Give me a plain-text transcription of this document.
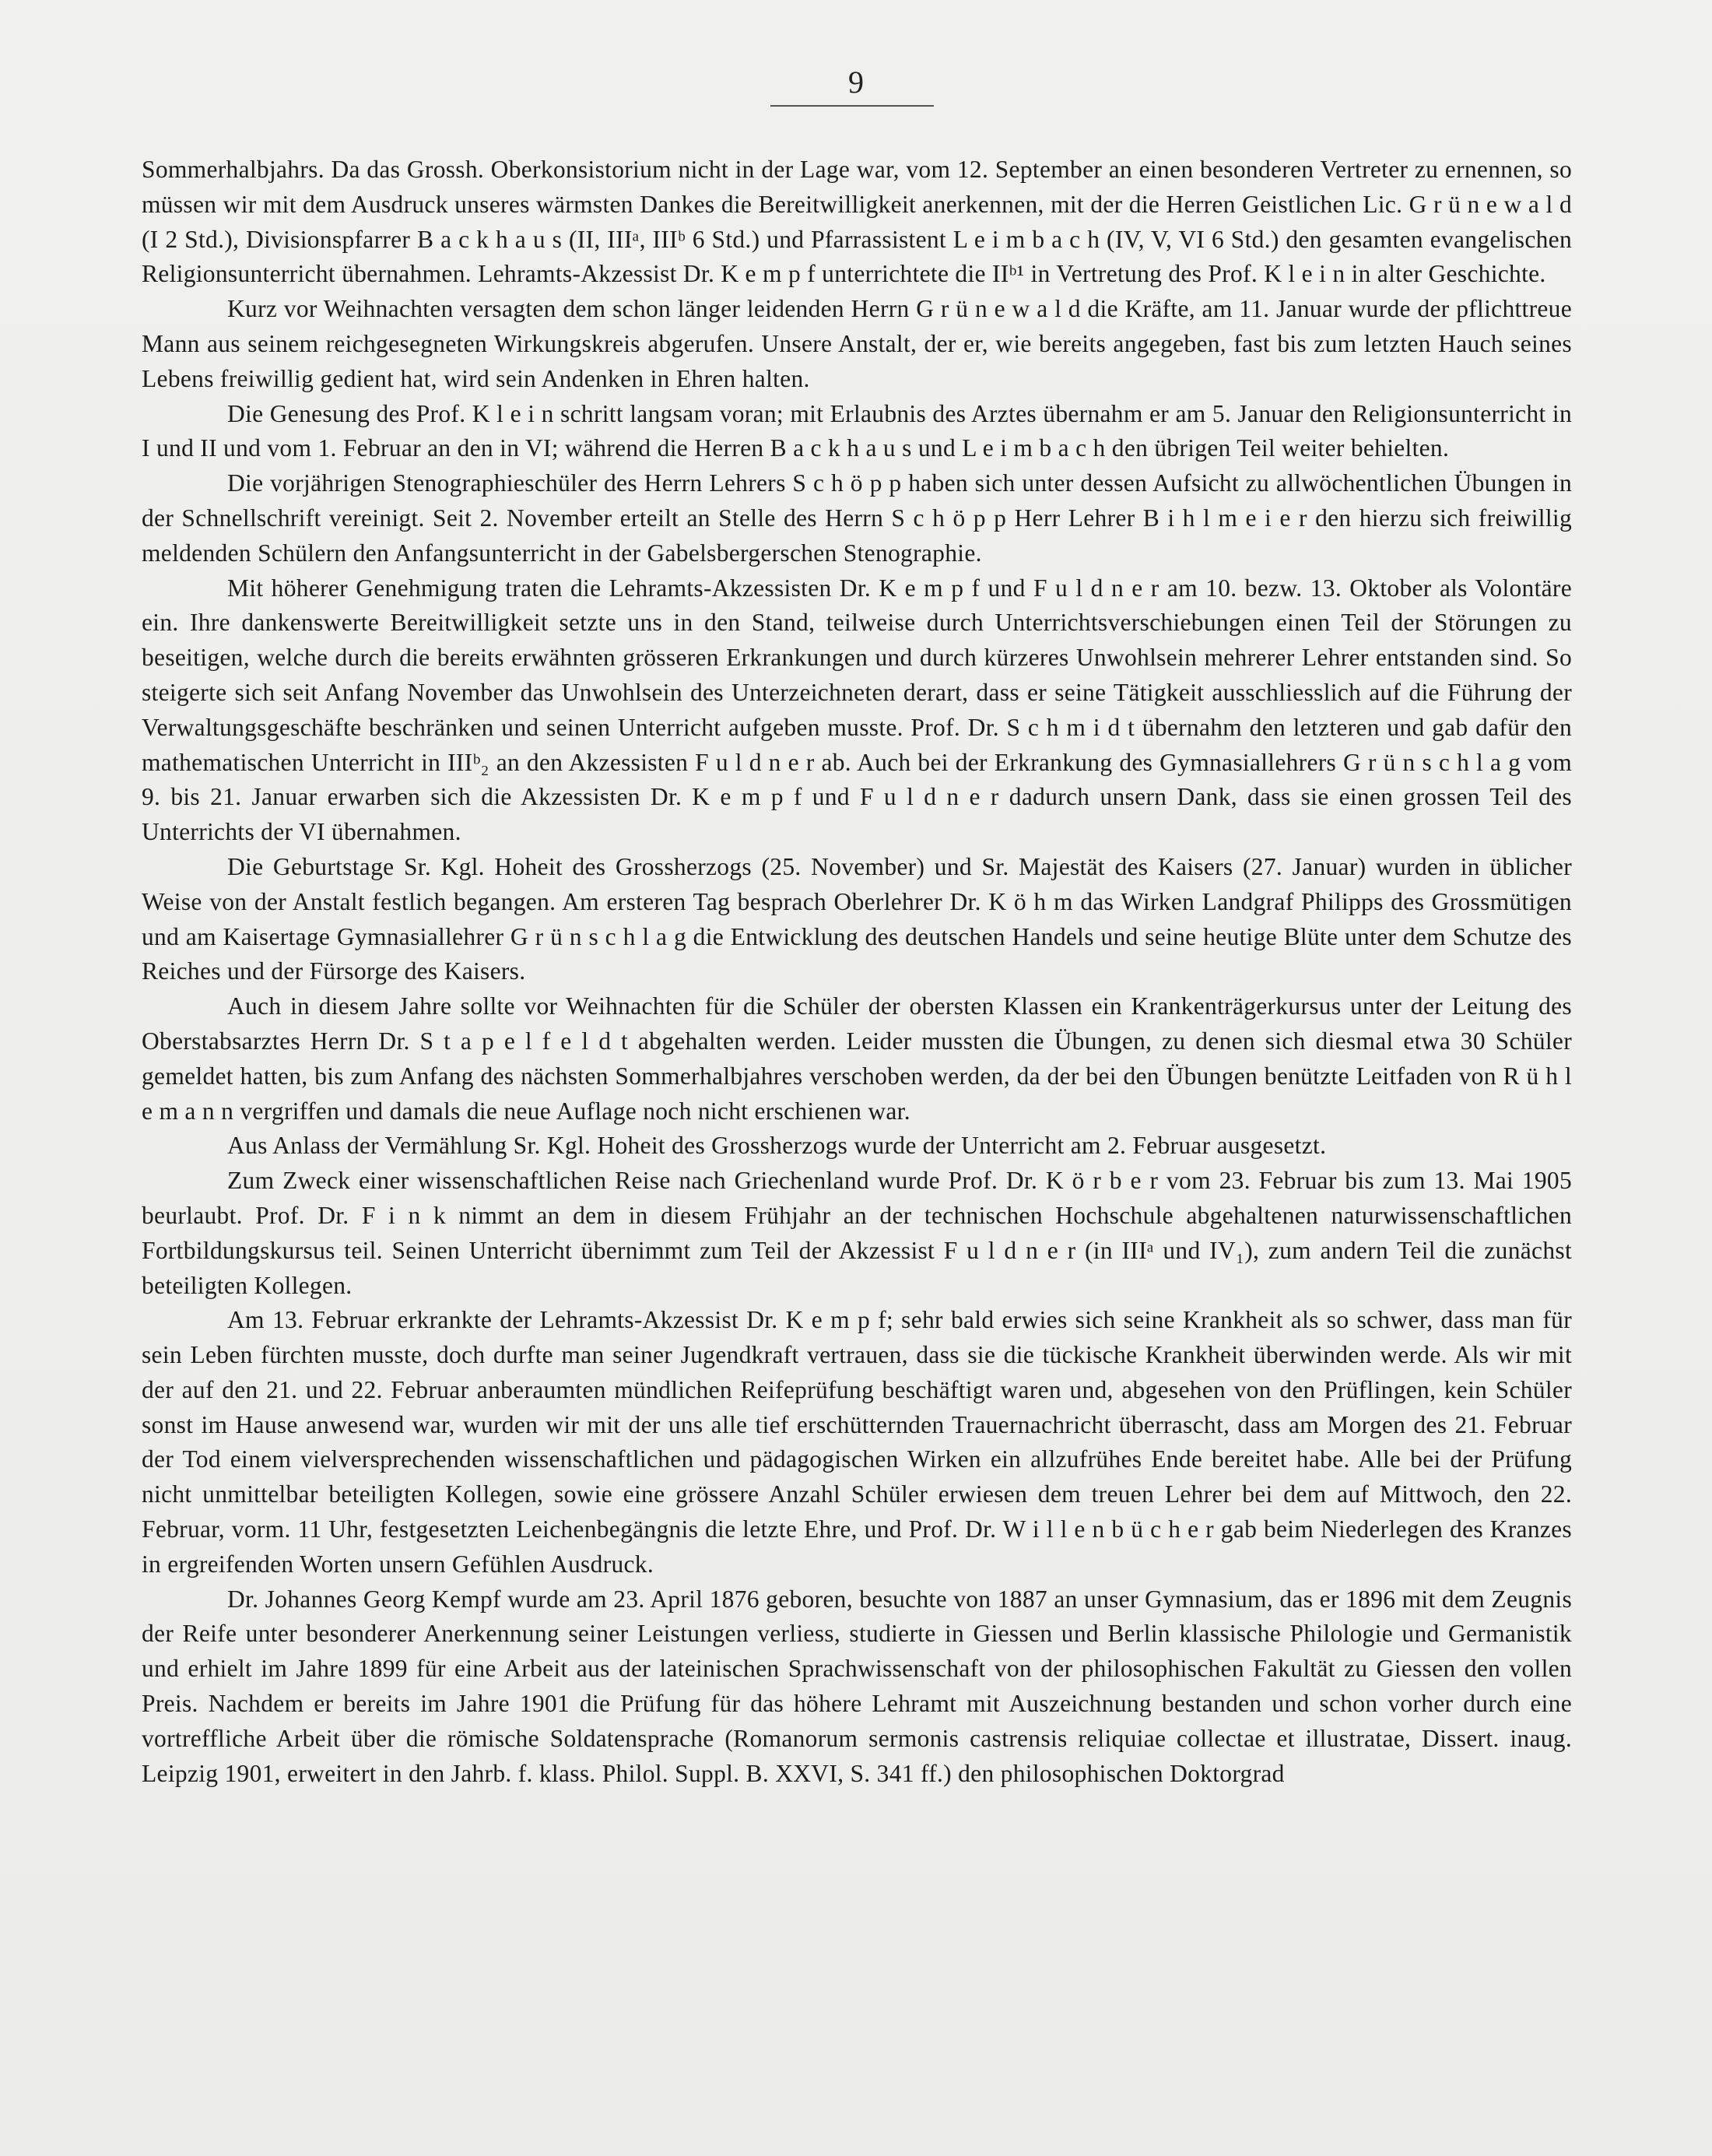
9

Sommerhalbjahrs. Da das Grossh. Oberkonsistorium nicht in der Lage war, vom 12. September an einen besonderen Vertreter zu ernennen, so müssen wir mit dem Ausdruck unseres wärmsten Dankes die Bereitwilligkeit anerkennen, mit der die Herren Geistlichen Lic. G r ü n e w a l d (I 2 Std.), Divisionspfarrer B a c k h a u s (II, IIIᵃ, IIIᵇ 6 Std.) und Pfarrassistent L e i m b a c h (IV, V, VI 6 Std.) den gesamten evangelischen Religionsunterricht übernahmen. Lehramts-Akzessist Dr. K e m p f unterrichtete die IIᵇ¹ in Vertretung des Prof. K l e i n in alter Geschichte.

Kurz vor Weihnachten versagten dem schon länger leidenden Herrn G r ü n e w a l d die Kräfte, am 11. Januar wurde der pflichttreue Mann aus seinem reichgesegneten Wirkungskreis abgerufen. Unsere Anstalt, der er, wie bereits angegeben, fast bis zum letzten Hauch seines Lebens freiwillig gedient hat, wird sein Andenken in Ehren halten.

Die Genesung des Prof. K l e i n schritt langsam voran; mit Erlaubnis des Arztes übernahm er am 5. Januar den Religionsunterricht in I und II und vom 1. Februar an den in VI; während die Herren B a c k h a u s und L e i m b a c h den übrigen Teil weiter behielten.

Die vorjährigen Stenographieschüler des Herrn Lehrers S c h ö p p haben sich unter dessen Aufsicht zu allwöchentlichen Übungen in der Schnellschrift vereinigt. Seit 2. November erteilt an Stelle des Herrn S c h ö p p Herr Lehrer B i h l m e i e r den hierzu sich freiwillig meldenden Schülern den Anfangsunterricht in der Gabelsbergerschen Stenographie.

Mit höherer Genehmigung traten die Lehramts-Akzessisten Dr. K e m p f und F u l d n e r am 10. bezw. 13. Oktober als Volontäre ein. Ihre dankenswerte Bereitwilligkeit setzte uns in den Stand, teilweise durch Unterrichtsverschiebungen einen Teil der Störungen zu beseitigen, welche durch die bereits erwähnten grösseren Erkrankungen und durch kürzeres Unwohlsein mehrerer Lehrer entstanden sind. So steigerte sich seit Anfang November das Unwohlsein des Unterzeichneten derart, dass er seine Tätigkeit ausschliesslich auf die Führung der Verwaltungsgeschäfte beschränken und seinen Unterricht aufgeben musste. Prof. Dr. S c h m i d t übernahm den letzteren und gab dafür den mathematischen Unterricht in IIIᵇ₂ an den Akzessisten F u l d n e r ab. Auch bei der Erkrankung des Gymnasiallehrers G r ü n s c h l a g vom 9. bis 21. Januar erwarben sich die Akzessisten Dr. K e m p f und F u l d n e r dadurch unsern Dank, dass sie einen grossen Teil des Unterrichts der VI übernahmen.

Die Geburtstage Sr. Kgl. Hoheit des Grossherzogs (25. November) und Sr. Majestät des Kaisers (27. Januar) wurden in üblicher Weise von der Anstalt festlich begangen. Am ersteren Tag besprach Oberlehrer Dr. K ö h m das Wirken Landgraf Philipps des Grossmütigen und am Kaisertage Gymnasiallehrer G r ü n s c h l a g die Entwicklung des deutschen Handels und seine heutige Blüte unter dem Schutze des Reiches und der Fürsorge des Kaisers.

Auch in diesem Jahre sollte vor Weihnachten für die Schüler der obersten Klassen ein Krankenträgerkursus unter der Leitung des Oberstabsarztes Herrn Dr. S t a p e l f e l d t abgehalten werden. Leider mussten die Übungen, zu denen sich diesmal etwa 30 Schüler gemeldet hatten, bis zum Anfang des nächsten Sommerhalbjahres verschoben werden, da der bei den Übungen benützte Leitfaden von R ü h l e m a n n vergriffen und damals die neue Auflage noch nicht erschienen war.

Aus Anlass der Vermählung Sr. Kgl. Hoheit des Grossherzogs wurde der Unterricht am 2. Februar ausgesetzt.

Zum Zweck einer wissenschaftlichen Reise nach Griechenland wurde Prof. Dr. K ö r b e r vom 23. Februar bis zum 13. Mai 1905 beurlaubt. Prof. Dr. F i n k nimmt an dem in diesem Frühjahr an der technischen Hochschule abgehaltenen naturwissenschaftlichen Fortbildungskursus teil. Seinen Unterricht übernimmt zum Teil der Akzessist F u l d n e r (in IIIᵃ und IV₁), zum andern Teil die zunächst beteiligten Kollegen.

Am 13. Februar erkrankte der Lehramts-Akzessist Dr. K e m p f; sehr bald erwies sich seine Krankheit als so schwer, dass man für sein Leben fürchten musste, doch durfte man seiner Jugendkraft vertrauen, dass sie die tückische Krankheit überwinden werde. Als wir mit der auf den 21. und 22. Februar anberaumten mündlichen Reifeprüfung beschäftigt waren und, abgesehen von den Prüflingen, kein Schüler sonst im Hause anwesend war, wurden wir mit der uns alle tief erschütternden Trauernachricht überrascht, dass am Morgen des 21. Februar der Tod einem vielversprechenden wissenschaftlichen und pädagogischen Wirken ein allzufrühes Ende bereitet habe. Alle bei der Prüfung nicht unmittelbar beteiligten Kollegen, sowie eine grössere Anzahl Schüler erwiesen dem treuen Lehrer bei dem auf Mittwoch, den 22. Februar, vorm. 11 Uhr, festgesetzten Leichenbegängnis die letzte Ehre, und Prof. Dr. W i l l e n b ü c h e r gab beim Niederlegen des Kranzes in ergreifenden Worten unsern Gefühlen Ausdruck.

Dr. Johannes Georg Kempf wurde am 23. April 1876 geboren, besuchte von 1887 an unser Gymnasium, das er 1896 mit dem Zeugnis der Reife unter besonderer Anerkennung seiner Leistungen verliess, studierte in Giessen und Berlin klassische Philologie und Germanistik und erhielt im Jahre 1899 für eine Arbeit aus der lateinischen Sprachwissenschaft von der philosophischen Fakultät zu Giessen den vollen Preis. Nachdem er bereits im Jahre 1901 die Prüfung für das höhere Lehramt mit Auszeichnung bestanden und schon vorher durch eine vortreffliche Arbeit über die römische Soldatensprache (Romanorum sermonis castrensis reliquiae collectae et illustratae, Dissert. inaug. Leipzig 1901, erweitert in den Jahrb. f. klass. Philol. Suppl. B. XXVI, S. 341 ff.) den philosophischen Doktorgrad
